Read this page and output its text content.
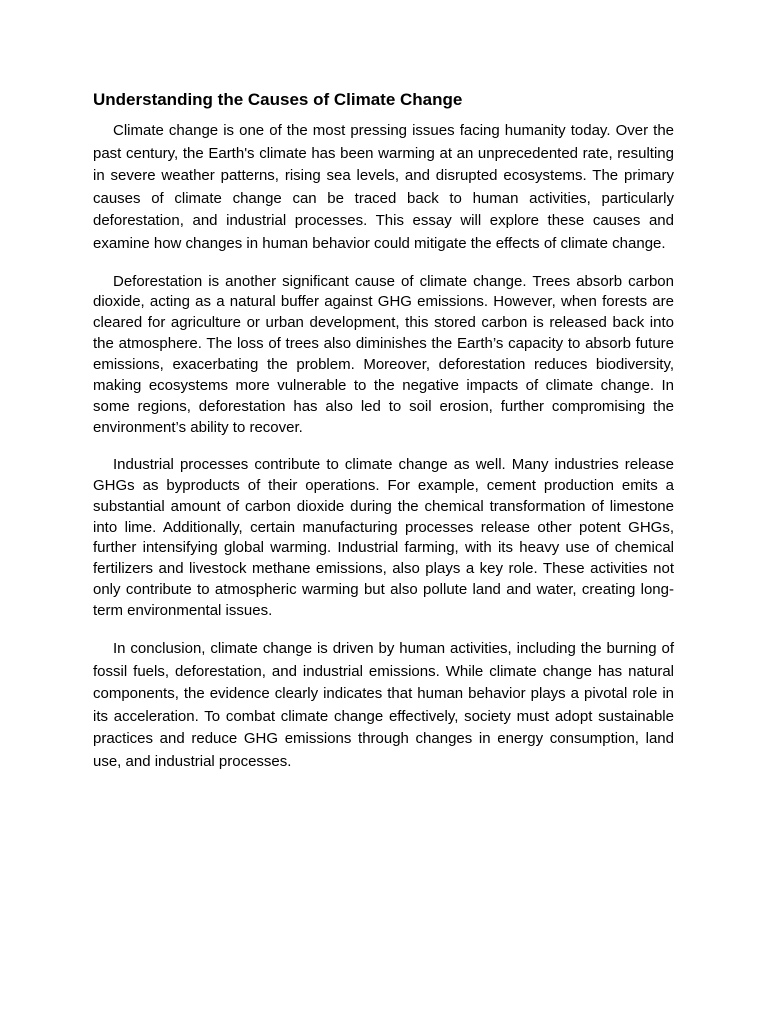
Understanding the Causes of Climate Change

Climate change is one of the most pressing issues facing humanity today. Over the past century, the Earth's climate has been warming at an unprecedented rate, resulting in severe weather patterns, rising sea levels, and disrupted ecosystems. The primary causes of climate change can be traced back to human activities, particularly deforestation, and industrial processes. This essay will explore these causes and examine how changes in human behavior could mitigate the effects of climate change.

Deforestation is another significant cause of climate change. Trees absorb carbon dioxide, acting as a natural buffer against GHG emissions. However, when forests are cleared for agriculture or urban development, this stored carbon is released back into the atmosphere. The loss of trees also diminishes the Earth’s capacity to absorb future emissions, exacerbating the problem. Moreover, deforestation reduces biodiversity, making ecosystems more vulnerable to the negative impacts of climate change. In some regions, deforestation has also led to soil erosion, further compromising the environment’s ability to recover.

Industrial processes contribute to climate change as well. Many industries release GHGs as byproducts of their operations. For example, cement production emits a substantial amount of carbon dioxide during the chemical transformation of limestone into lime. Additionally, certain manufacturing processes release other potent GHGs, further intensifying global warming. Industrial farming, with its heavy use of chemical fertilizers and livestock methane emissions, also plays a key role. These activities not only contribute to atmospheric warming but also pollute land and water, creating long-term environmental issues.

In conclusion, climate change is driven by human activities, including the burning of fossil fuels, deforestation, and industrial emissions. While climate change has natural components, the evidence clearly indicates that human behavior plays a pivotal role in its acceleration. To combat climate change effectively, society must adopt sustainable practices and reduce GHG emissions through changes in energy consumption, land use, and industrial processes.
